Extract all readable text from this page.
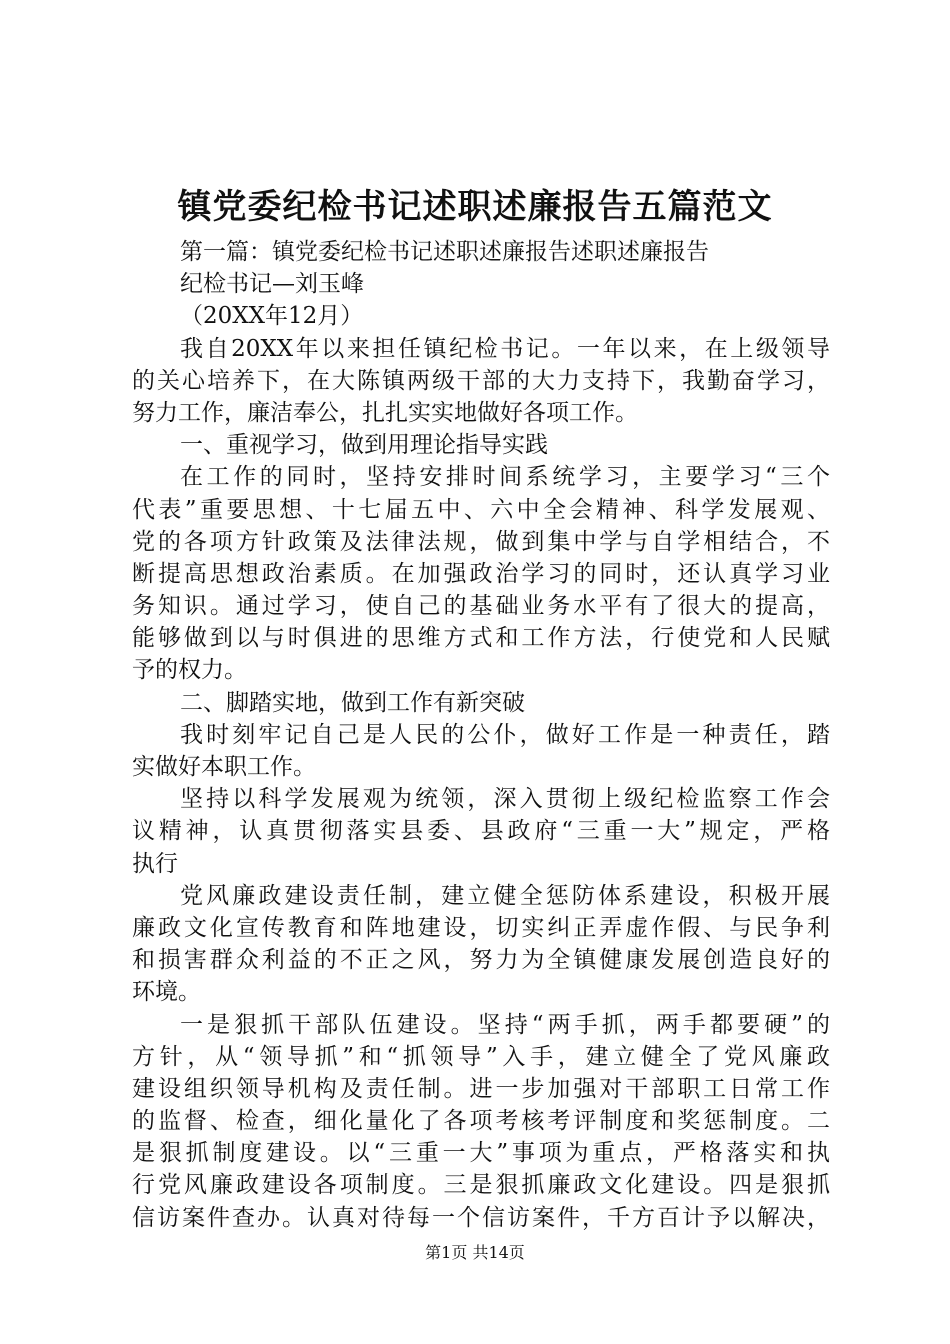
镇党委纪检书记述职述廉报告五篇范文
第一篇：镇党委纪检书记述职述廉报告述职述廉报告
纪检书记—刘玉峰
（20XX年12月）
我自20XX年以来担任镇纪检书记。一年以来，在上级领导
的关心培养下，在大陈镇两级干部的大力支持下，我勤奋学习，
努力工作，廉洁奉公，扎扎实实地做好各项工作。
一、重视学习，做到用理论指导实践
在工作的同时，坚持安排时间系统学习，主要学习“三个
代表”重要思想、十七届五中、六中全会精神、科学发展观、
党的各项方针政策及法律法规，做到集中学与自学相结合，不
断提高思想政治素质。在加强政治学习的同时，还认真学习业
务知识。通过学习，使自己的基础业务水平有了很大的提高，
能够做到以与时俱进的思维方式和工作方法，行使党和人民赋
予的权力。
二、脚踏实地，做到工作有新突破
我时刻牢记自己是人民的公仆，做好工作是一种责任，踏
实做好本职工作。
坚持以科学发展观为统领，深入贯彻上级纪检监察工作会
议精神，认真贯彻落实县委、县政府“三重一大”规定，严格
执行
党风廉政建设责任制，建立健全惩防体系建设，积极开展
廉政文化宣传教育和阵地建设，切实纠正弄虚作假、与民争利
和损害群众利益的不正之风，努力为全镇健康发展创造良好的
环境。
一是狠抓干部队伍建设。坚持“两手抓，两手都要硬”的
方针，从“领导抓”和“抓领导”入手，建立健全了党风廉政
建设组织领导机构及责任制。进一步加强对干部职工日常工作
的监督、检查，细化量化了各项考核考评制度和奖惩制度。二
是狠抓制度建设。以“三重一大”事项为重点，严格落实和执
行党风廉政建设各项制度。三是狠抓廉政文化建设。四是狠抓
信访案件查办。认真对待每一个信访案件，千方百计予以解决，
第1页 共14页
